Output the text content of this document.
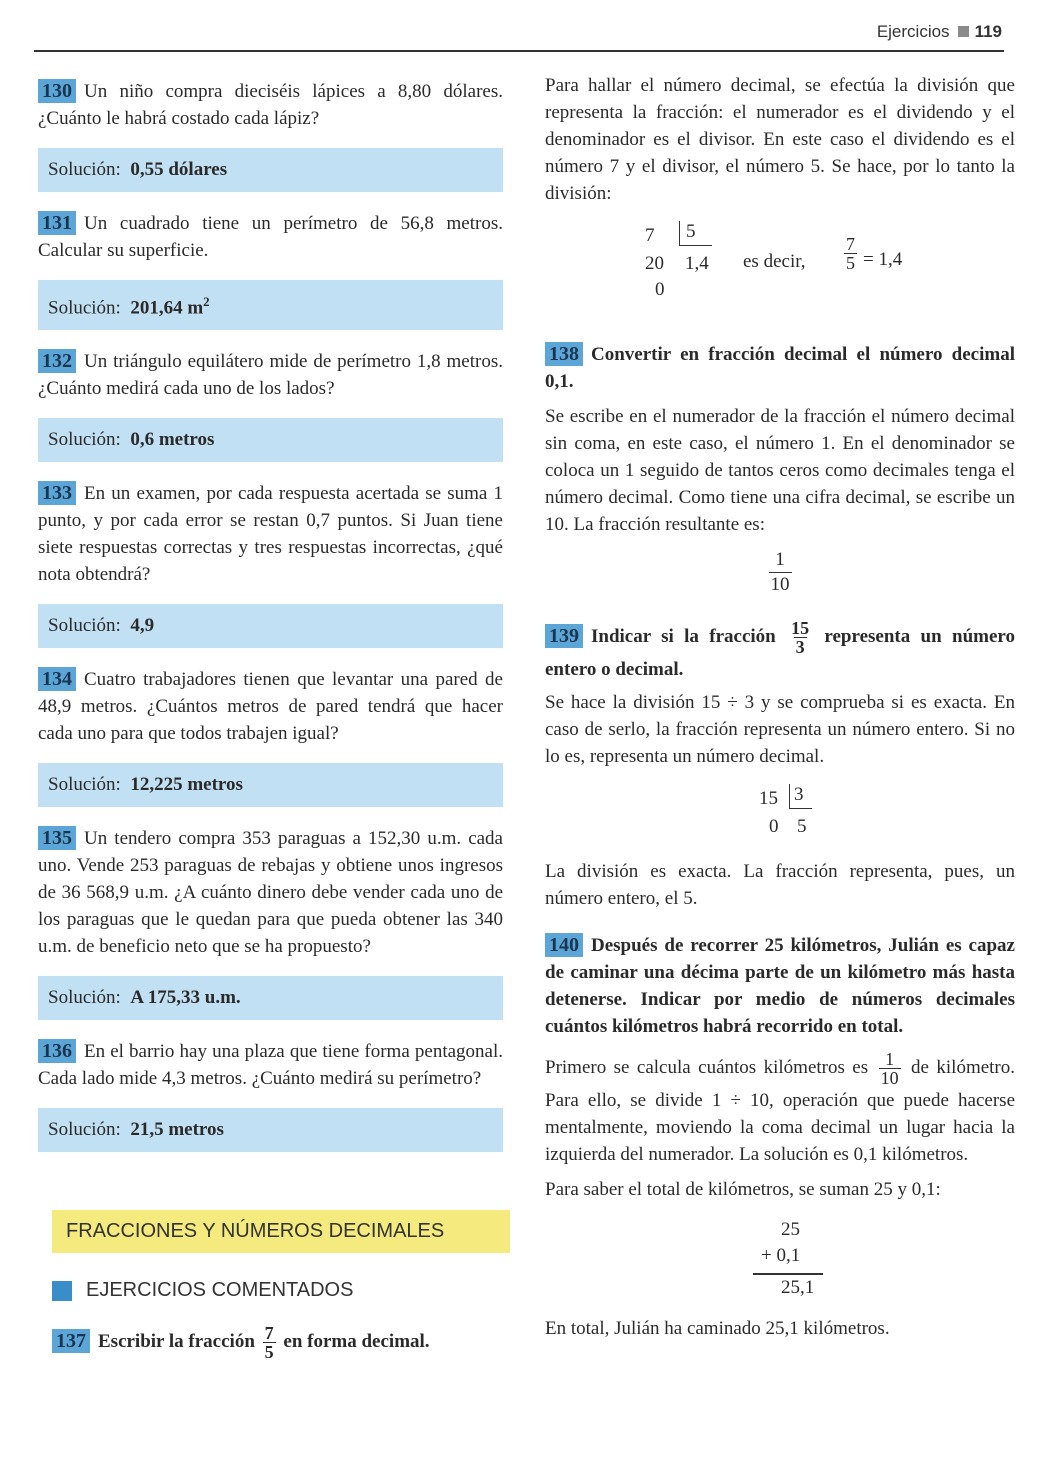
Ejercicios 119

130 Un niño compra dieciséis lápices a 8,80 dólares. ¿Cuánto le habrá costado cada lápiz?

Solución: 0,55 dólares

131 Un cuadrado tiene un perímetro de 56,8 metros. Calcular su superficie.

Solución: 201,64 $m^2$

132 Un triángulo equilátero mide de perímetro 1,8 metros. ¿Cuánto medirá cada uno de los lados?

Solución: 0,6 metros

133 En un examen, por cada respuesta acertada se suma 1 punto, y por cada error se restan 0,7 puntos. Si Juan tiene siete respuestas correctas y tres respuestas incorrectas, ¿qué nota obtendrá?

Solución: 4,9

134 Cuatro trabajadores tienen que levantar una pared de 48,9 metros. ¿Cuántos metros de pared tendrá que hacer cada uno para que todos trabajen igual?

Solución: 12,225 metros

135 Un tendero compra 353 paraguas a 152,30 u.m. cada uno. Vende 253 paraguas de rebajas y obtiene unos ingresos de 36 568,9 u.m. ¿A cuánto dinero debe vender cada uno de los paraguas que le quedan para que pueda obtener las 340 u.m. de beneficio neto que se ha propuesto?

Solución: A 175,33 u.m.

136 En el barrio hay una plaza que tiene forma pentagonal. Cada lado mide 4,3 metros. ¿Cuánto medirá su perímetro?

Solución: 21,5 metros
FRACCIONES Y NÚMEROS DECIMALES
EJERCICIOS COMENTADOS

137 Escribir la fracción $\frac{7}{5}$ en forma decimal.

Para hallar el número decimal, se efectúa la división que representa la fracción: el numerador es el dividendo y el denominador es el divisor. En este caso el dividendo es el número 7 y el divisor, el número 5. Se hace, por lo tanto la división:

7	5
20 1,4
0
es decir, $\frac{7}{5} = 1,4$

138 Convertir en fracción decimal el número decimal 0,1.

Se escribe en el numerador de la fracción el número decimal sin coma, en este caso, el número 1. En el denominador se coloca un 1 seguido de tantos ceros como decimales tenga el número decimal. Como tiene una cifra decimal, se escribe un 10. La fracción resultante es:

$\frac{1}{10}$

139 Indicar si la fracción $\frac{15}{3}$ representa un número entero o decimal.

Se hace la división 15 ÷ 3 y se comprueba si es exacta. En caso de serlo, la fracción representa un número entero. Si no lo es, representa un número decimal.

15 3
0 5

La división es exacta. La fracción representa, pues, un número entero, el 5.

140 Después de recorrer 25 kilómetros, Julián es capaz de caminar una décima parte de un kilómetro más hasta detenerse. Indicar por medio de números decimales cuántos kilómetros habrá recorrido en total.

Primero se calcula cuántos kilómetros es $\frac{1}{10}$ de kilómetro. Para ello, se divide 1 ÷ 10, operación que puede hacerse mentalmente, moviendo la coma decimal un lugar hacia la izquierda del numerador. La solución es 0,1 kilómetros.

Para saber el total de kilómetros, se suman 25 y 0,1:

25
+ 0,1
25,1

En total, Julián ha caminado 25,1 kilómetros.
